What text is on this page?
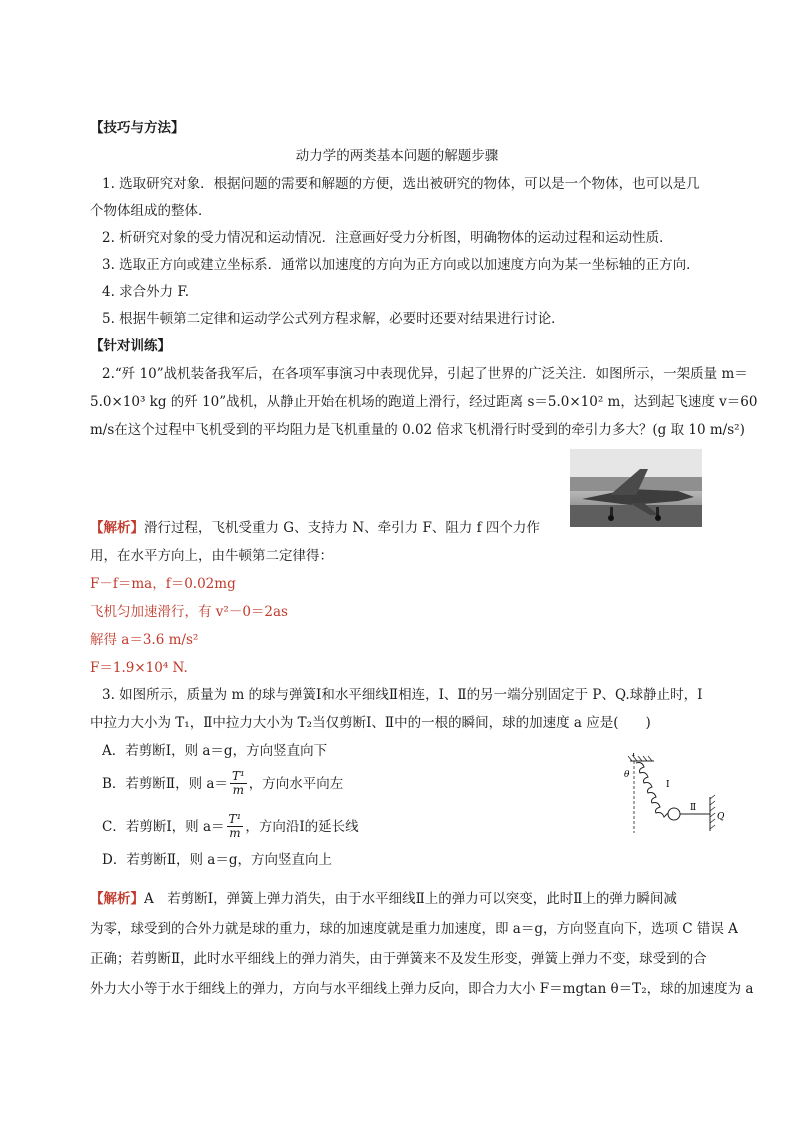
【技巧与方法】
动力学的两类基本问题的解题步骤
1. 选取研究对象．根据问题的需要和解题的方便，选出被研究的物体，可以是一个物体，也可以是几
个物体组成的整体．
2. 析研究对象的受力情况和运动情况．注意画好受力分析图，明确物体的运动过程和运动性质．
3. 选取正方向或建立坐标系．通常以加速度的方向为正方向或以加速度方向为某一坐标轴的正方向．
4. 求合外力 F.
5. 根据牛顿第二定律和运动学公式列方程求解，必要时还要对结果进行讨论．
【针对训练】
2.“歼 10”战机装备我军后，在各项军事演习中表现优异，引起了世界的广泛关注．如图所示，一架质量 m＝
5.0×10³ kg 的歼 10”战机，从静止开始在机场的跑道上滑行，经过距离 s＝5.0×10² m，达到起飞速度 v＝60
m/s在这个过程中飞机受到的平均阻力是飞机重量的 0.02 倍求飞机滑行时受到的牵引力多大？(g 取 10 m/s²)
【解析】滑行过程，飞机受重力 G、支持力 N、牵引力 F、阻力 f 四个力作
用，在水平方向上，由牛顿第二定律得：
F－f＝ma，f＝0.02mg
飞机匀加速滑行，有 v²－0＝2as
解得 a＝3.6 m/s²
F＝1.9×10⁴ N.
3. 如图所示，质量为 m 的球与弹簧Ⅰ和水平细线Ⅱ相连，Ⅰ、Ⅱ的另一端分别固定于 P、Q.球静止时，Ⅰ
中拉力大小为 T₁，Ⅱ中拉力大小为 T₂当仅剪断Ⅰ、Ⅱ中的一根的瞬间，球的加速度 a 应是(　　)
A．若剪断Ⅰ，则 a＝g，方向竖直向下
B．若剪断Ⅱ，则 $a= \frac{\text{T¹}}{m}$ ，方向水平向左
C．若剪断Ⅰ，则 $a= \frac{\text{T¹}}{m}$ ，方向沿Ⅰ的延长线
D．若剪断Ⅱ，则 a＝g，方向竖直向上
P
θ
Ⅰ
Ⅱ
Q
【解析】A　若剪断Ⅰ，弹簧上弹力消失，由于水平细线Ⅱ上的弹力可以突变，此时Ⅱ上的弹力瞬间减
为零，球受到的合外力就是球的重力，球的加速度就是重力加速度，即 a＝g，方向竖直向下，选项 C 错误 A
正确；若剪断Ⅱ，此时水平细线上的弹力消失，由于弹簧来不及发生形变，弹簧上弹力不变，球受到的合
外力大小等于水于细线上的弹力，方向与水平细线上弹力反向，即合力大小 F＝mgtan θ＝T₂，球的加速度为 a
